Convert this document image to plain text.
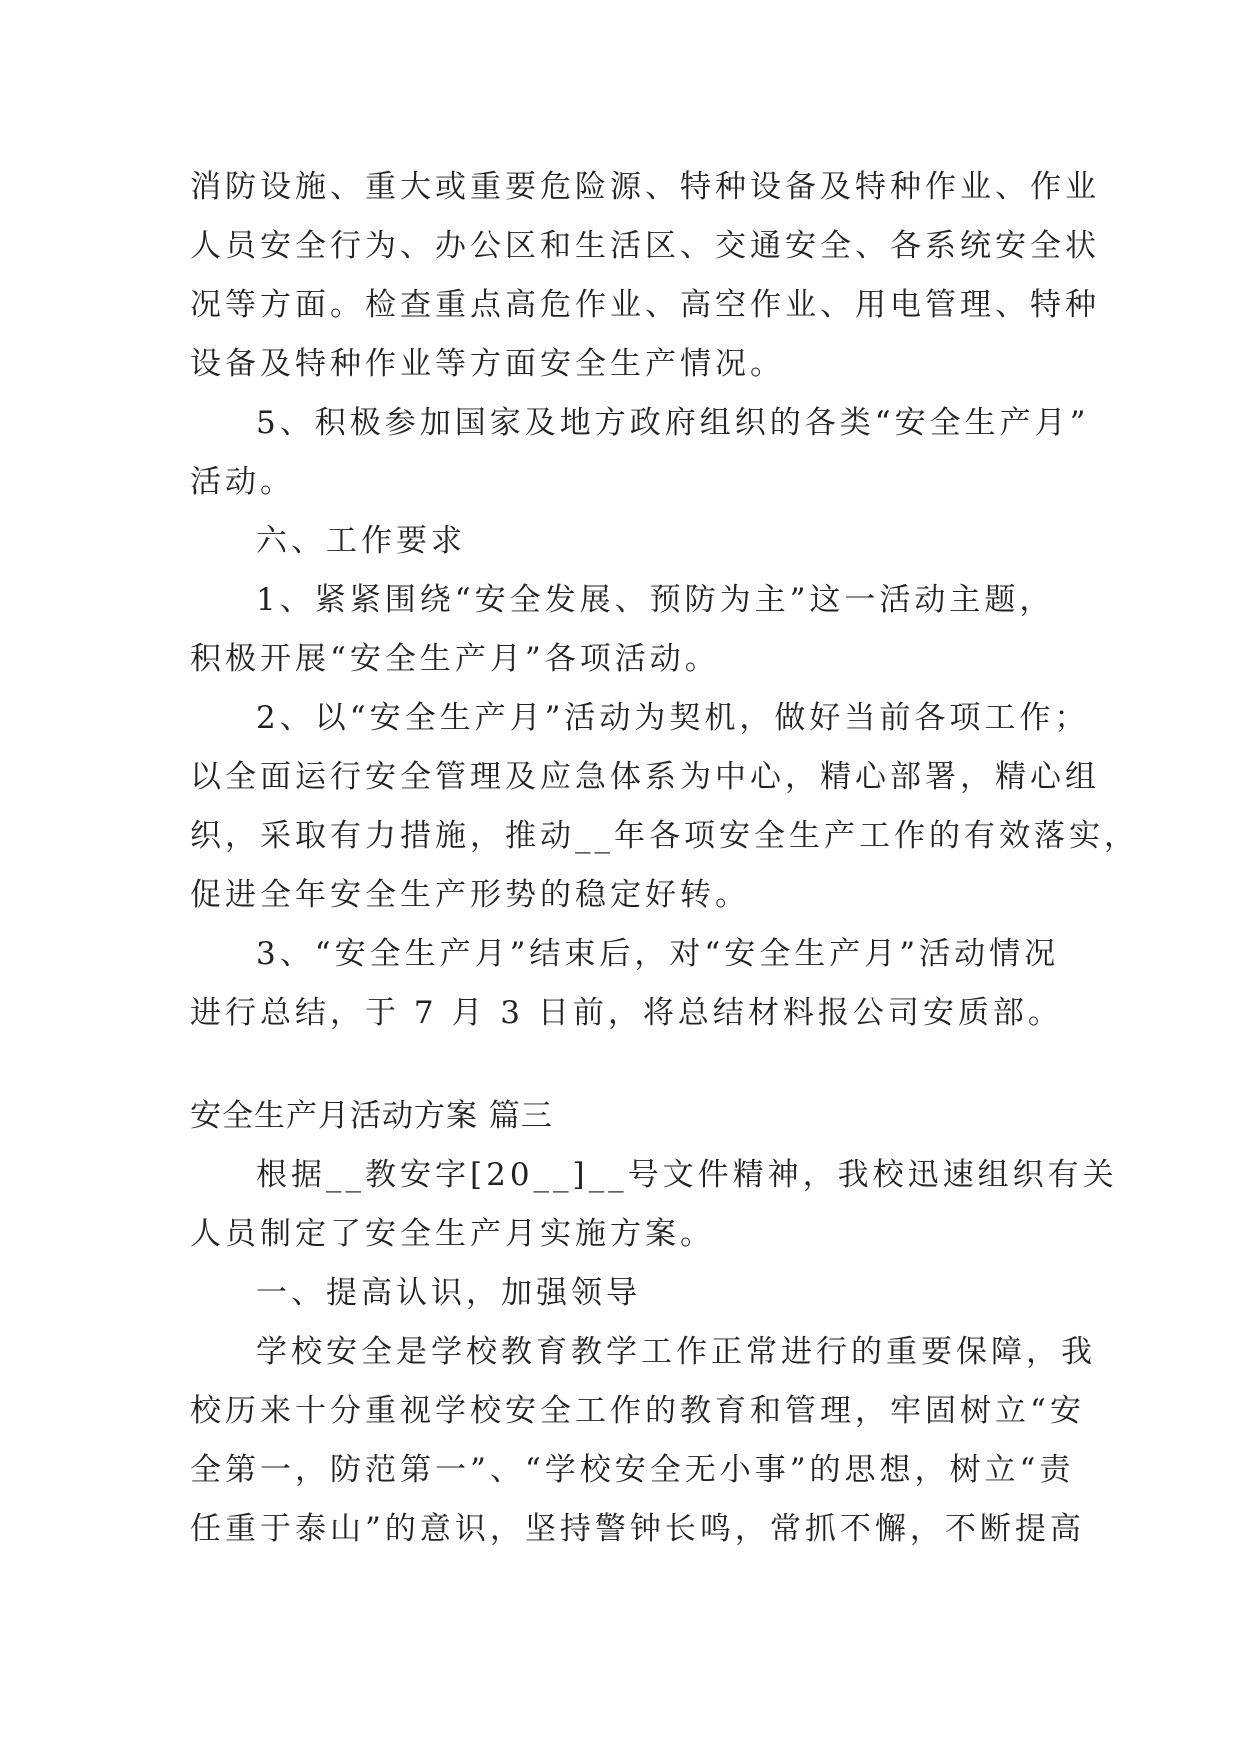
消防设施、重大或重要危险源、特种设备及特种作业、作业
人员安全行为、办公区和生活区、交通安全、各系统安全状
况等方面。检查重点高危作业、高空作业、用电管理、特种
设备及特种作业等方面安全生产情况。
5、积极参加国家及地方政府组织的各类“安全生产月”
活动。
六、工作要求
1、紧紧围绕“安全发展、预防为主”这一活动主题，
积极开展“安全生产月”各项活动。
2、以“安全生产月”活动为契机，做好当前各项工作；
以全面运行安全管理及应急体系为中心，精心部署，精心组
织，采取有力措施，推动__年各项安全生产工作的有效落实，
促进全年安全生产形势的稳定好转。
3、“安全生产月”结束后，对“安全生产月”活动情况
进行总结，于 7 月 3 日前，将总结材料报公司安质部。
安全生产月活动方案 篇三
根据__教安字[20__]__号文件精神，我校迅速组织有关
人员制定了安全生产月实施方案。
一、提高认识，加强领导
学校安全是学校教育教学工作正常进行的重要保障，我
校历来十分重视学校安全工作的教育和管理，牢固树立“安
全第一，防范第一”、“学校安全无小事”的思想，树立“责
任重于泰山”的意识，坚持警钟长鸣，常抓不懈，不断提高
